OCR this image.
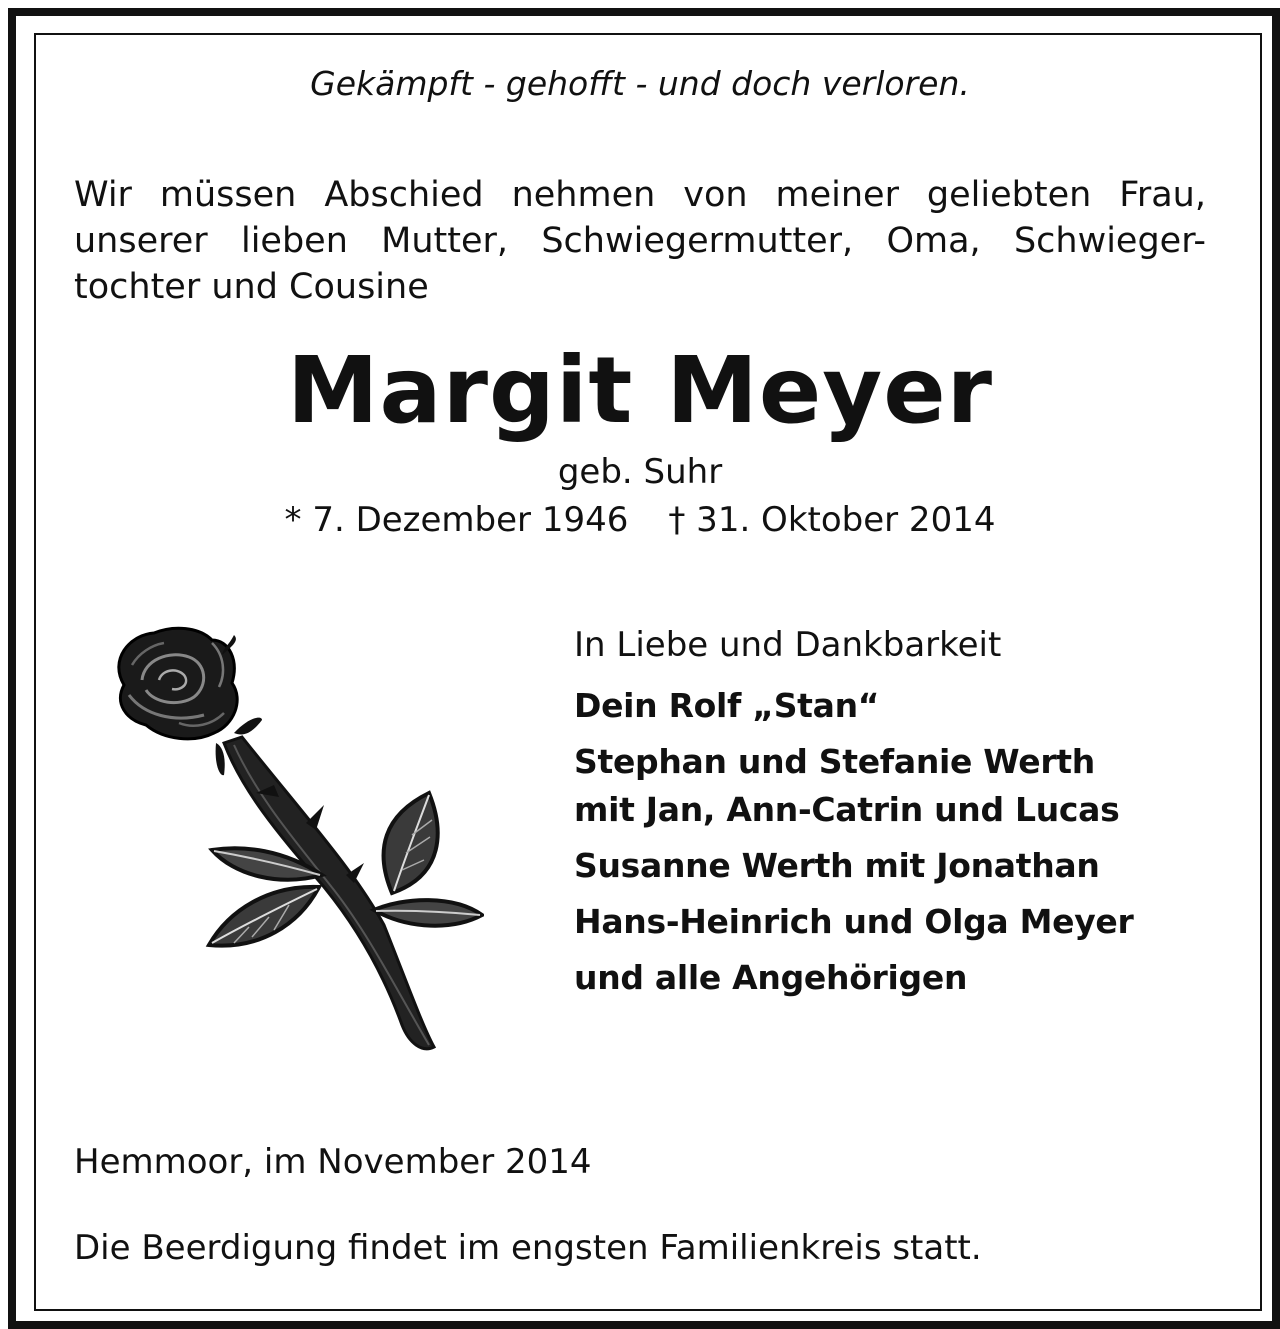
Gekämpft - gehofft - und doch verloren.
Wir müssen Abschied nehmen von meiner geliebten Frau,
unserer lieben Mutter, Schwiegermutter, Oma, Schwieger-
tochter und Cousine
Margit Meyer
geb. Suhr
* 7. Dezember 1946 † 31. Oktober 2014
In Liebe und Dankbarkeit
Dein Rolf „Stan“
Stephan und Stefanie Werth
mit Jan, Ann-Catrin und Lucas
Susanne Werth mit Jonathan
Hans-Heinrich und Olga Meyer
und alle Angehörigen
Hemmoor, im November 2014
Die Beerdigung findet im engsten Familienkreis statt.
